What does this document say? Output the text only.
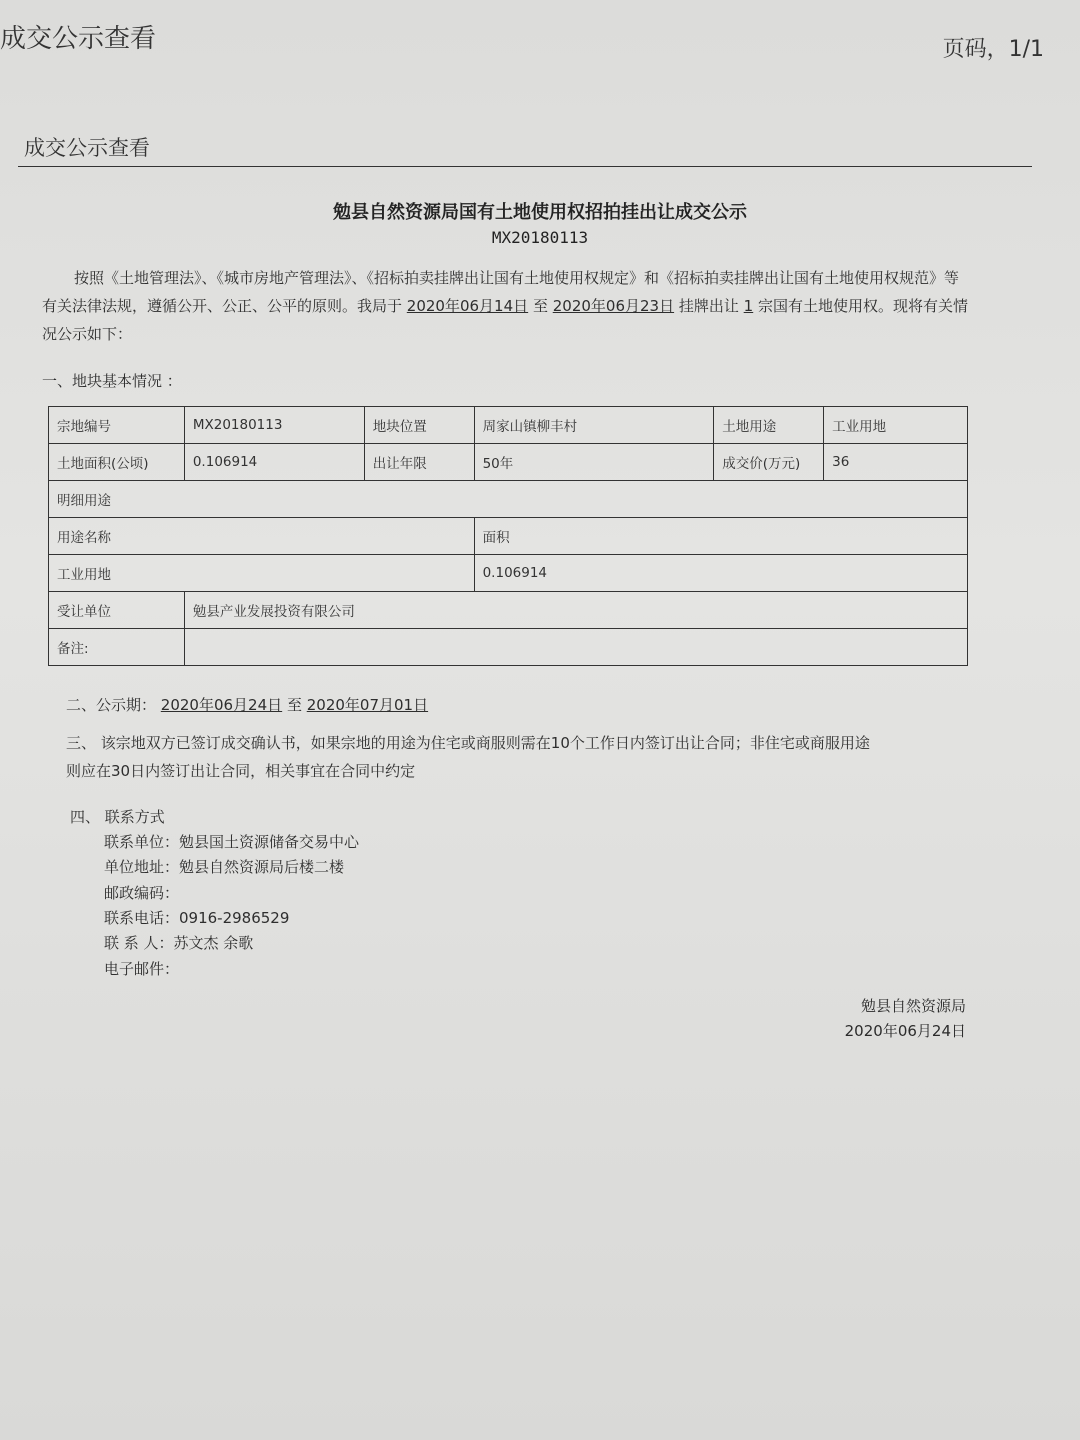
成交公示查看	页码，1/1
成交公示查看
勉县自然资源局国有土地使用权招拍挂出让成交公示
MX20180113
按照《土地管理法》、《城市房地产管理法》、《招标拍卖挂牌出让国有土地使用权规定》和《招标拍卖挂牌出让国有土地使用权规范》等有关法律法规，遵循公开、公正、公平的原则。我局于 2020年06月14日 至 2020年06月23日 挂牌出让 1 宗国有土地使用权。现将有关情况公示如下：
一、地块基本情况 ：
宗地编号	MX20180113	地块位置	周家山镇柳丰村	土地用途	工业用地
土地面积(公顷)	0.106914	出让年限	50年	成交价(万元)	36
明细用途					
用途名称			面积		
工业用地			0.106914		
受让单位	勉县产业发展投资有限公司				
备注:					
二、公示期： 2020年06月24日 至 2020年07月01日
三、 该宗地双方已签订成交确认书，如果宗地的用途为住宅或商服则需在10个工作日内签订出让合同；非住宅或商服用途
则应在30日内签订出让合同，相关事宜在合同中约定
四、 联系方式
联系单位：勉县国土资源储备交易中心
单位地址：勉县自然资源局后楼二楼
邮政编码：
联系电话：0916-2986529
联 系 人：苏文杰 余歌
电子邮件：
勉县自然资源局
2020年06月24日
